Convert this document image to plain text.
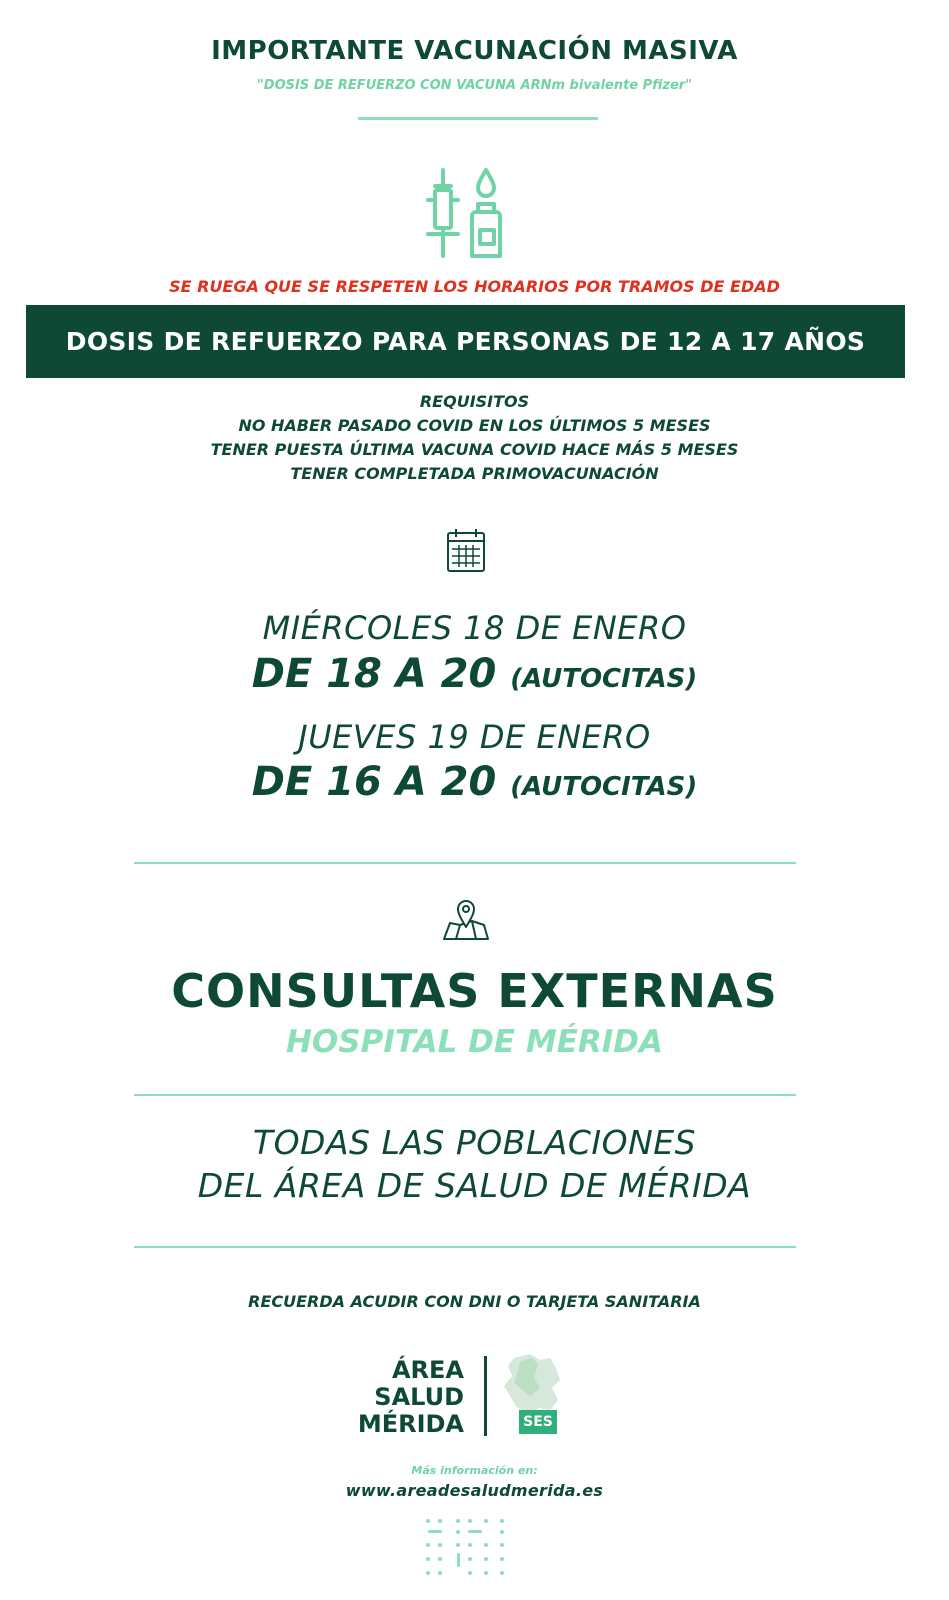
IMPORTANTE VACUNACIÓN MASIVA
"DOSIS DE REFUERZO CON VACUNA ARNm bivalente Pfizer"
SE RUEGA QUE SE RESPETEN LOS HORARIOS POR TRAMOS DE EDAD
DOSIS DE REFUERZO PARA PERSONAS DE 12 A 17 AÑOS
REQUISITOS
NO HABER PASADO COVID EN LOS ÚLTIMOS 5 MESES
TENER PUESTA ÚLTIMA VACUNA COVID HACE MÁS 5 MESES
TENER COMPLETADA PRIMOVACUNACIÓN
MIÉRCOLES 18 DE ENERO
DE 18 A 20 (AUTOCITAS)
JUEVES 19 DE ENERO
DE 16 A 20 (AUTOCITAS)
CONSULTAS EXTERNAS
HOSPITAL DE MÉRIDA
TODAS LAS POBLACIONES
DEL ÁREA DE SALUD DE MÉRIDA
RECUERDA ACUDIR CON DNI O TARJETA SANITARIA
ÁREA
SALUD
MÉRIDA	SES
Más información en:
www.areadesaludmerida.es
